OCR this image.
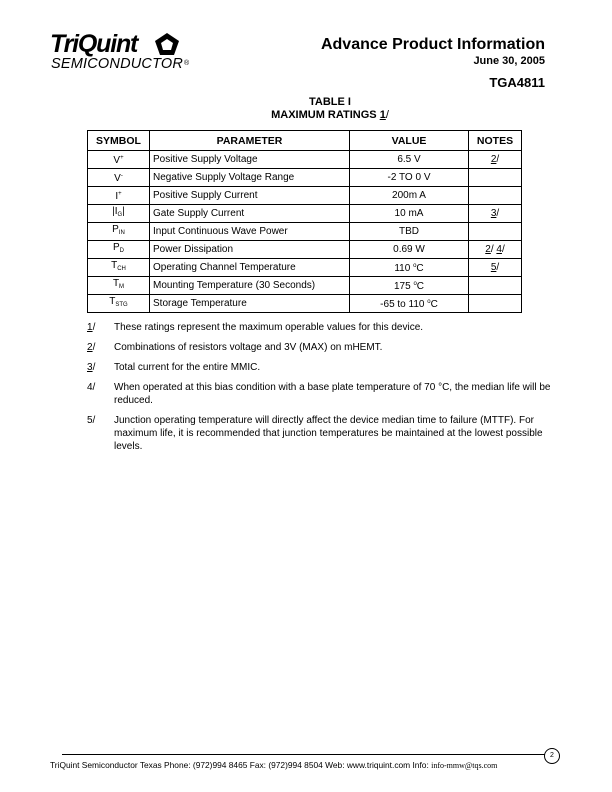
TriQuint
SEMICONDUCTOR®
Advance Product Information
June 30, 2005
TGA4811
TABLE I
MAXIMUM RATINGS 1/
SYMBOL	PARAMETER	VALUE	NOTES
V+	Positive Supply Voltage	6.5 V	2/
V-	Negative Supply Voltage Range	-2 TO 0 V	
I+	Positive Supply Current	200m A	
$|I_G|$	Gate Supply Current	10 mA	3/
$P_{IN}$	Input Continuous Wave Power	TBD	
$P_D$	Power Dissipation	0.69 W	2/ 4/
$T_{CH}$	Operating Channel Temperature	110 $^o$C	5/
$T_M$	Mounting Temperature (30 Seconds)	175 $^o$C	
$T_{STG}$	Storage Temperature	-65 to 110 $^o$C	
1/	These ratings represent the maximum operable values for this device.
2/	Combinations of resistors voltage and 3V (MAX) on mHEMT.
3/	Total current for the entire MMIC.
4/	When operated at this bias condition with a base plate temperature of 70 °C, the median life will be reduced.
5/	Junction operating temperature will directly affect the device median time to failure (MTTF). For maximum life, it is recommended that junction temperatures be maintained at the lowest possible levels.
2
TriQuint Semiconductor Texas Phone: (972)994 8465 Fax: (972)994 8504 Web: www.triquint.com Info: info-mmw@tqs.com
